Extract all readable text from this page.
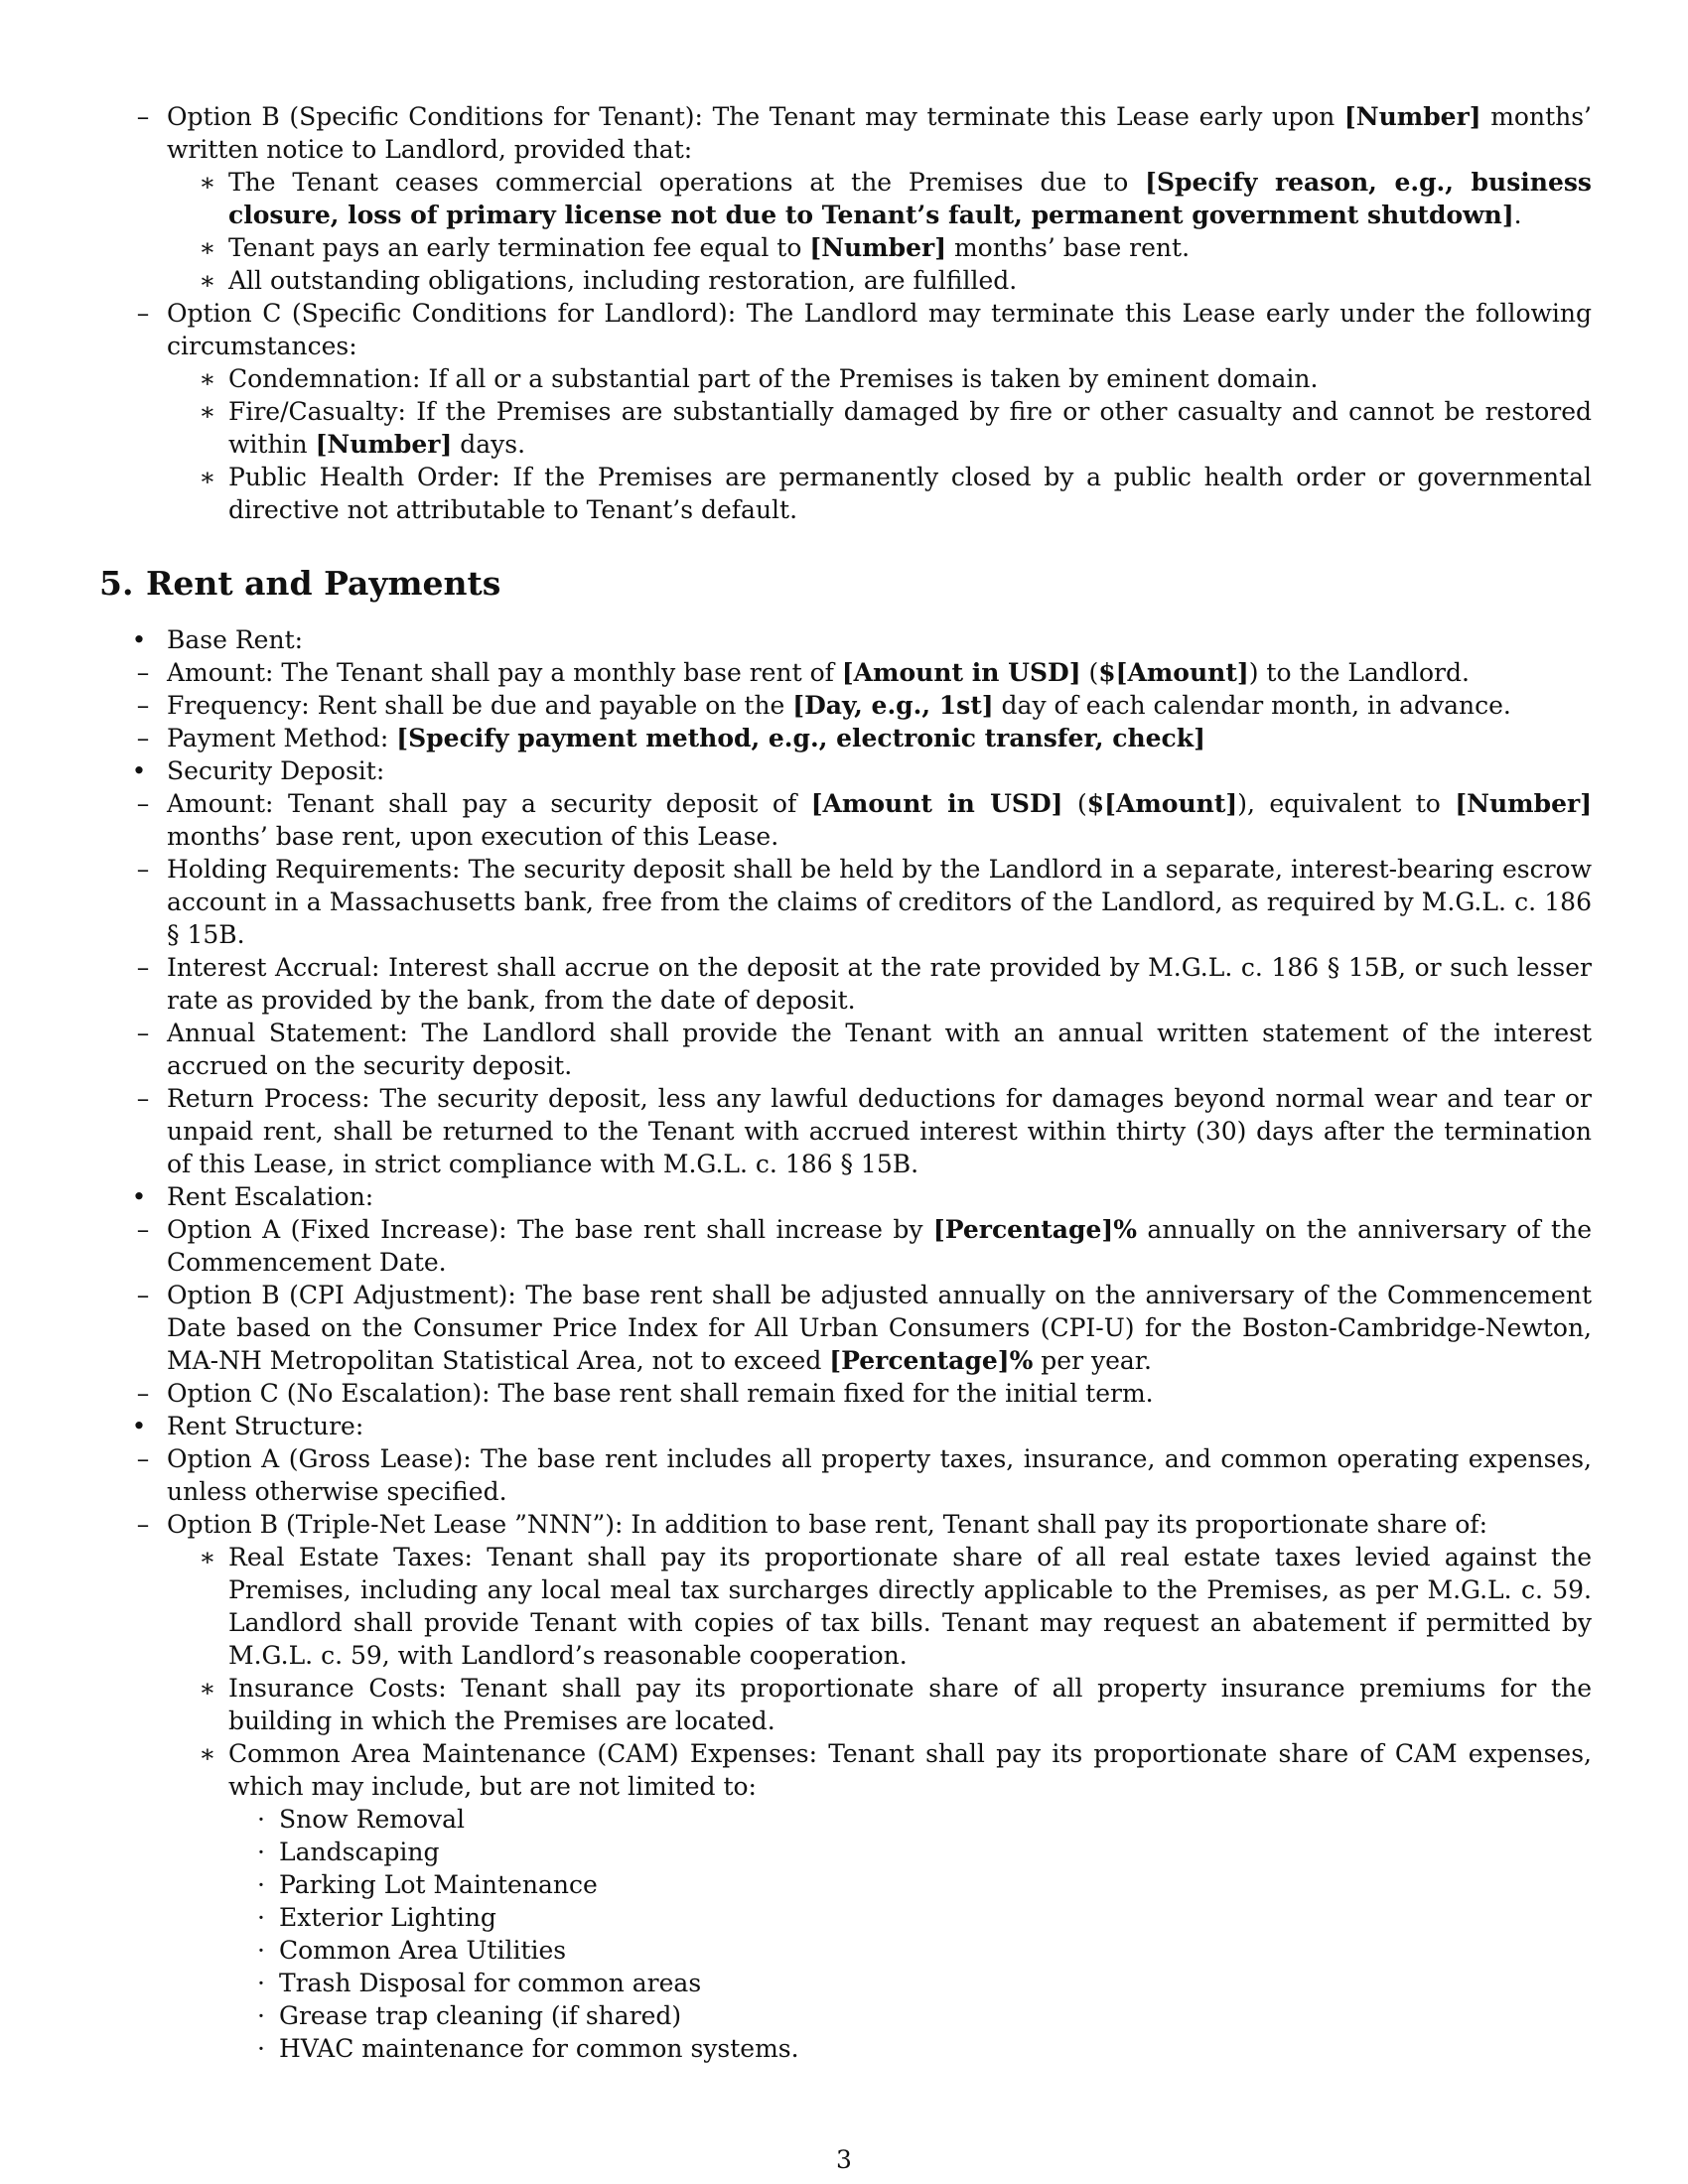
– Option B (Specific Conditions for Tenant): The Tenant may terminate this Lease early upon [Number] months’ written notice to Landlord, provided that:
∗ The Tenant ceases commercial operations at the Premises due to [Specify reason, e.g., business closure, loss of primary license not due to Tenant’s fault, permanent government shutdown].
∗ Tenant pays an early termination fee equal to [Number] months’ base rent.
∗ All outstanding obligations, including restoration, are fulfilled.
– Option C (Specific Conditions for Landlord): The Landlord may terminate this Lease early under the following circumstances:
∗ Condemnation: If all or a substantial part of the Premises is taken by eminent domain.
∗ Fire/Casualty: If the Premises are substantially damaged by fire or other casualty and cannot be restored within [Number] days.
∗ Public Health Order: If the Premises are permanently closed by a public health order or governmental directive not attributable to Tenant’s default.
5. Rent and Payments
• Base Rent:
– Amount: The Tenant shall pay a monthly base rent of [Amount in USD] ($[Amount]) to the Landlord.
– Frequency: Rent shall be due and payable on the [Day, e.g., 1st] day of each calendar month, in advance.
– Payment Method: [Specify payment method, e.g., electronic transfer, check]
• Security Deposit:
– Amount: Tenant shall pay a security deposit of [Amount in USD] ($[Amount]), equivalent to [Number] months’ base rent, upon execution of this Lease.
– Holding Requirements: The security deposit shall be held by the Landlord in a separate, interest-bearing escrow account in a Massachusetts bank, free from the claims of creditors of the Landlord, as required by M.G.L. c. 186 § 15B.
– Interest Accrual: Interest shall accrue on the deposit at the rate provided by M.G.L. c. 186 § 15B, or such lesser rate as provided by the bank, from the date of deposit.
– Annual Statement: The Landlord shall provide the Tenant with an annual written statement of the interest accrued on the security deposit.
– Return Process: The security deposit, less any lawful deductions for damages beyond normal wear and tear or unpaid rent, shall be returned to the Tenant with accrued interest within thirty (30) days after the termination of this Lease, in strict compliance with M.G.L. c. 186 § 15B.
• Rent Escalation:
– Option A (Fixed Increase): The base rent shall increase by [Percentage]% annually on the anniversary of the Commencement Date.
– Option B (CPI Adjustment): The base rent shall be adjusted annually on the anniversary of the Commencement Date based on the Consumer Price Index for All Urban Consumers (CPI-U) for the Boston-Cambridge-Newton, MA-NH Metropolitan Statistical Area, not to exceed [Percentage]% per year.
– Option C (No Escalation): The base rent shall remain fixed for the initial term.
• Rent Structure:
– Option A (Gross Lease): The base rent includes all property taxes, insurance, and common operating expenses, unless otherwise specified.
– Option B (Triple-Net Lease ”NNN”): In addition to base rent, Tenant shall pay its proportionate share of:
∗ Real Estate Taxes: Tenant shall pay its proportionate share of all real estate taxes levied against the Premises, including any local meal tax surcharges directly applicable to the Premises, as per M.G.L. c. 59. Landlord shall provide Tenant with copies of tax bills. Tenant may request an abatement if permitted by M.G.L. c. 59, with Landlord’s reasonable cooperation.
∗ Insurance Costs: Tenant shall pay its proportionate share of all property insurance premiums for the building in which the Premises are located.
∗ Common Area Maintenance (CAM) Expenses: Tenant shall pay its proportionate share of CAM expenses, which may include, but are not limited to:
· Snow Removal
· Landscaping
· Parking Lot Maintenance
· Exterior Lighting
· Common Area Utilities
· Trash Disposal for common areas
· Grease trap cleaning (if shared)
· HVAC maintenance for common systems.
3
